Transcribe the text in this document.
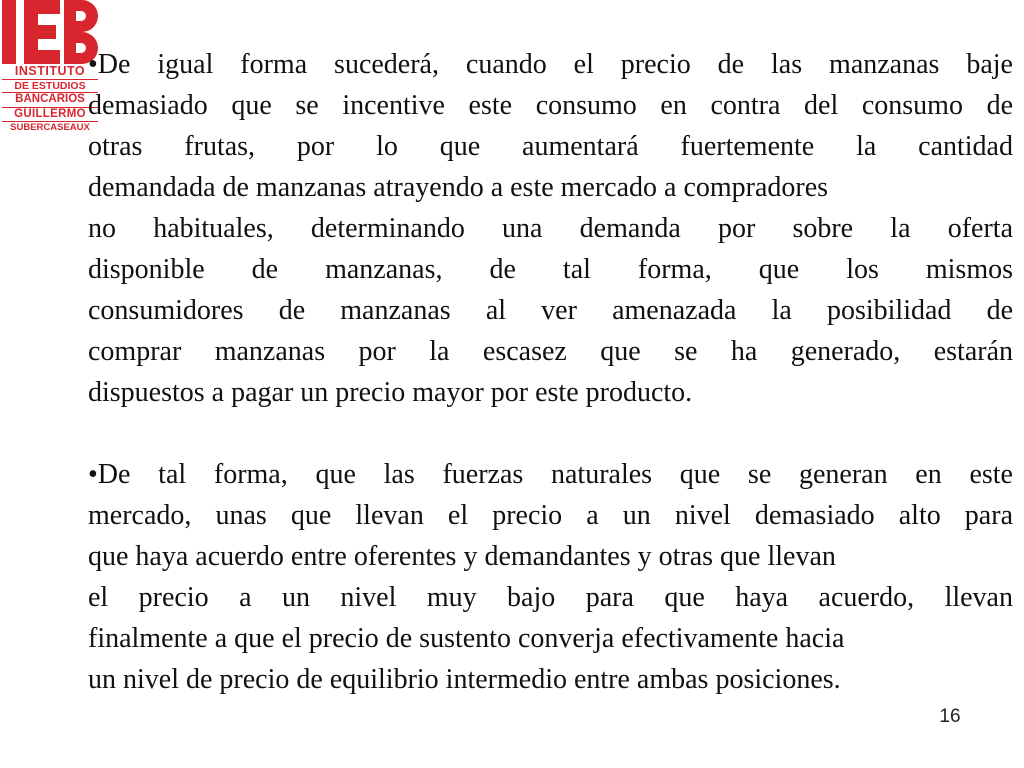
INSTITUTO
DE ESTUDIOS
BANCARIOS
GUILLERMO
SUBERCASEAUX
•De igual forma sucederá, cuando el precio de las manzanas baje
demasiado que se incentive este consumo en contra del consumo de
otras frutas, por lo que aumentará fuertemente la cantidad
demandada de manzanas atrayendo a este mercado a compradores
no habituales, determinando una demanda por sobre la oferta
disponible de manzanas, de tal forma, que los mismos
consumidores de manzanas al ver amenazada la posibilidad de
comprar manzanas por la escasez que se ha generado, estarán
dispuestos a pagar un precio mayor por este producto.
•De tal forma, que las fuerzas naturales que se generan en este
mercado, unas que llevan el precio a un nivel demasiado alto para
que haya acuerdo entre oferentes y demandantes y otras que llevan
el precio a un nivel muy bajo para que haya acuerdo, llevan
finalmente a que el precio de sustento converja efectivamente hacia
un nivel de precio de equilibrio intermedio entre ambas posiciones.
16
